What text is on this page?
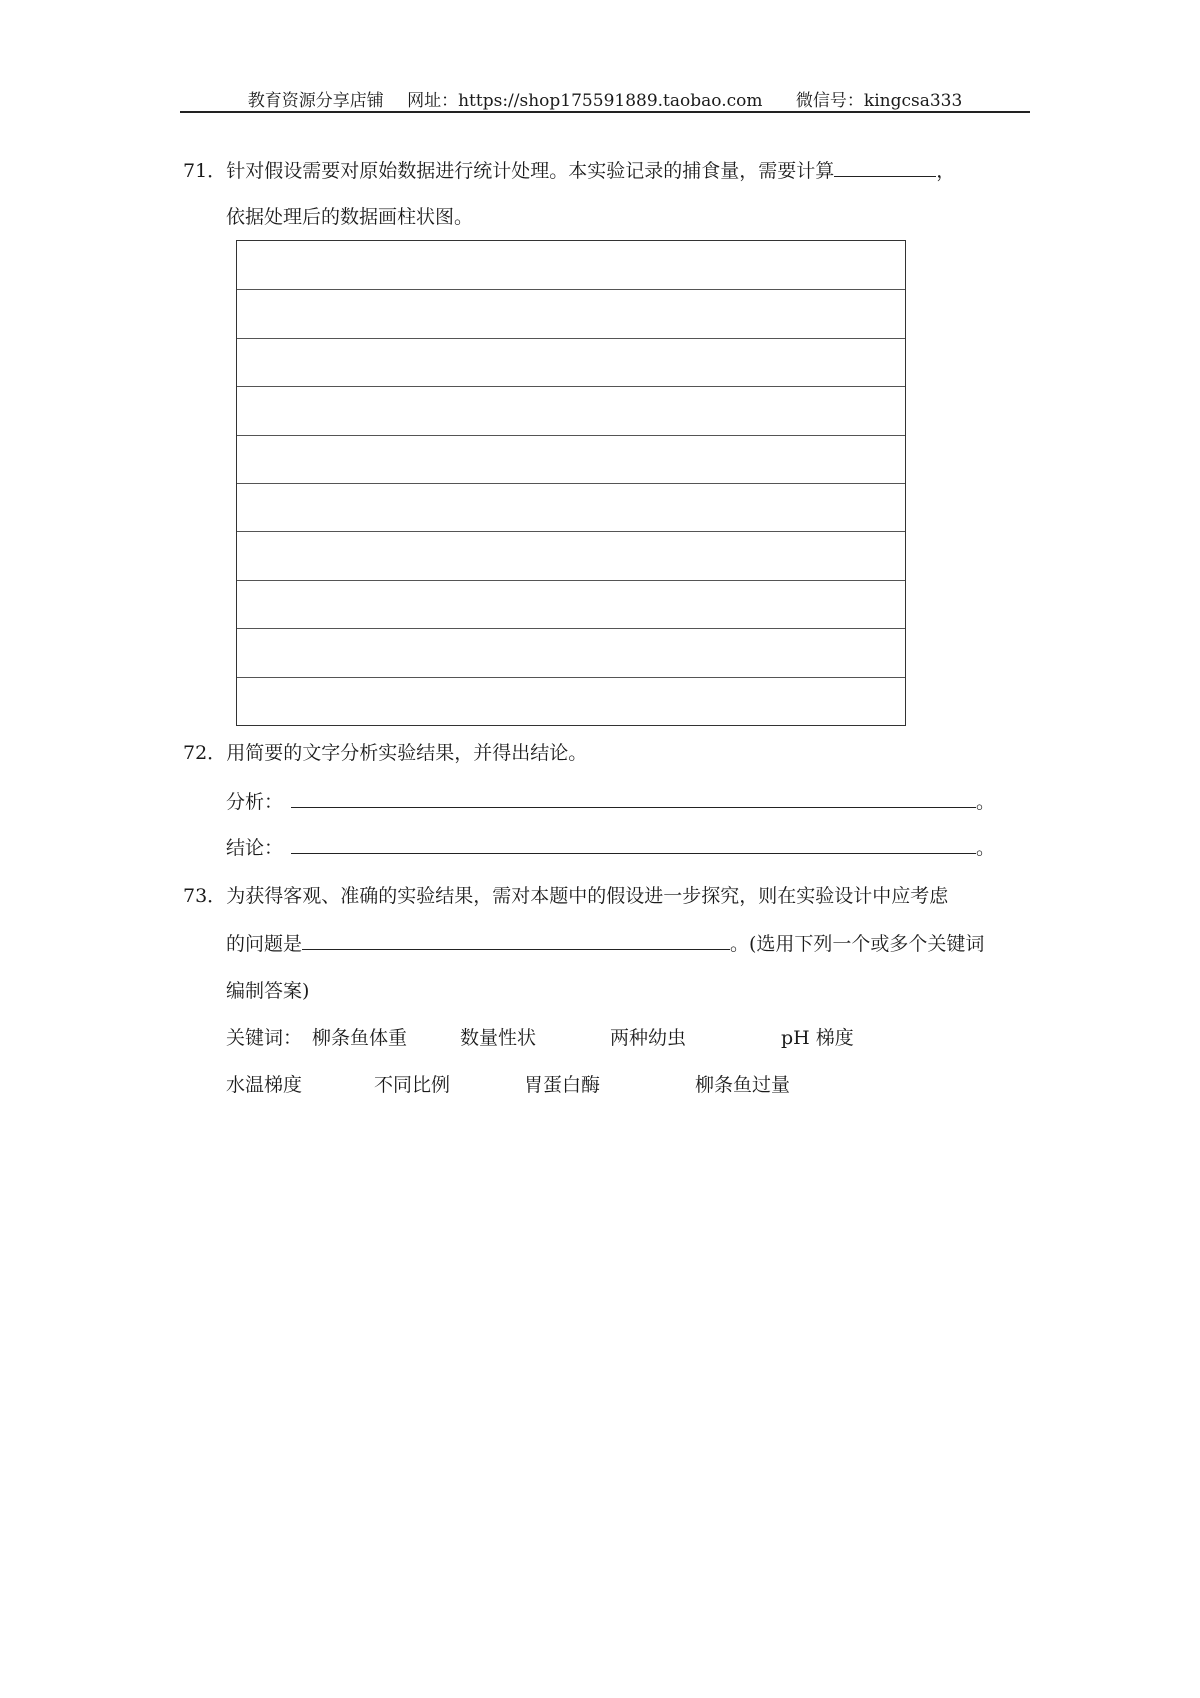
教育资源分享店铺 网址：https://shop175591889.taobao.com 微信号：kingcsa333
71．针对假设需要对原始数据进行统计处理。本实验记录的捕食量，需要计算	，
依据处理后的数据画柱状图。
72．用简要的文字分析实验结果，并得出结论。
分析：	。
结论：	。
73．为获得客观、准确的实验结果，需对本题中的假设进一步探究，则在实验设计中应考虑
的问题是	。(选用下列一个或多个关键词
编制答案)
关键词： 柳条鱼体重	数量性状	两种幼虫	pH 梯度
水温梯度	不同比例	胃蛋白酶	柳条鱼过量
